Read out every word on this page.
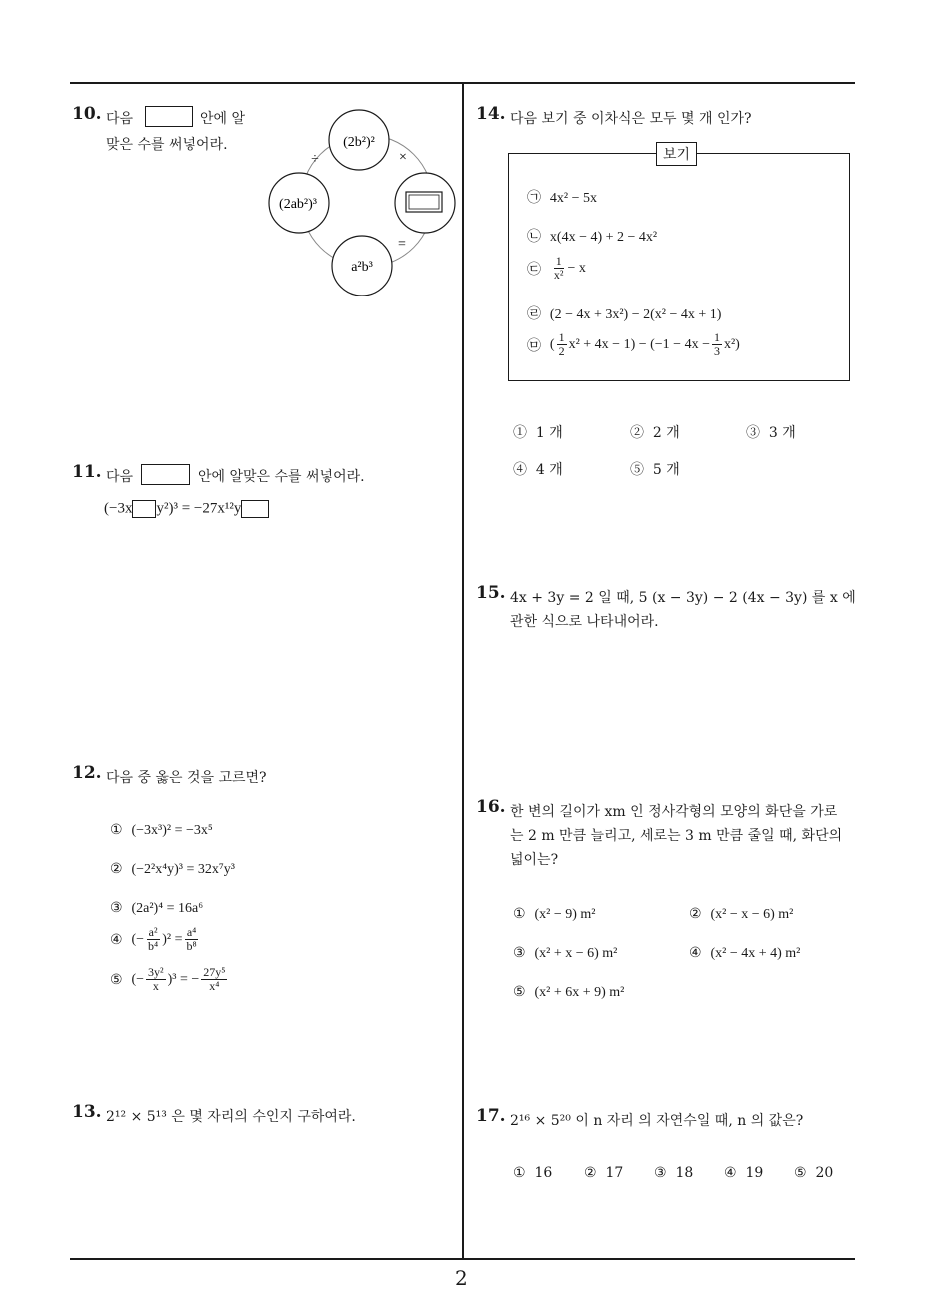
2
10. 다음	안에 알
맞은 수를 써넣어라.	(2b²)²
(2ab²)³
a²b³
÷	×
=
11. 다음	안에 알맞은 수를 써넣어라.
(−3x y²)³ = −27x¹²y
12. 다음 중 옳은 것을 고르면?
① (−3x³)² = −3x⁵
② (−2²x⁴y)³ = 32x⁷y³
③ (2a²)⁴ = 16a⁶
④
(− $\frac{\text{a²}}{\text{b⁴}} )^2 = \frac{\text{a⁴}}{\text{b⁸}}$
⑤
(− $\frac{\text{3y²}}{x} )^3$ = − $\frac{\text{27y⁵}}{\text{x⁴}}$
13. 2¹² × 5¹³ 은 몇 자리의 수인지 구하여라.
14. 다음 보기 중 이차식은 모두 몇 개 인가?
보기
㉠ 4x² − 5x
㉡ x(4x − 4) + 2 − 4x²
㉢
$\frac{1}{\text{x²}} - x$
㉣ (2 − 4x + 3x²) − 2(x² − 4x + 1)
㉤
( $\frac{1}{2} x^2 + 4x - 1) - (-1 - 4x - \frac{1}{3} x^2)$
① 1 개	② 2 개	③ 3 개
④ 4 개	⑤ 5 개
15. 4x + 3y = 2 일 때, 5 (x − 3y) − 2 (4x − 3y) 를 x 에
관한 식으로 나타내어라.
16. 한 변의 길이가 xm 인 정사각형의 모양의 화단을 가로
는 2 m 만큼 늘리고, 세로는 3 m 만큼 줄일 때, 화단의
넓이는?
① (x² − 9) m²	② (x² − x − 6) m²
③ (x² + x − 6) m²	④ (x² − 4x + 4) m²
⑤ (x² + 6x + 9) m²
17. 2¹⁶ × 5²⁰ 이 n 자리 의 자연수일 때, n 의 값은?
① 16 ② 17 ③ 18 ④ 19 ⑤ 20
